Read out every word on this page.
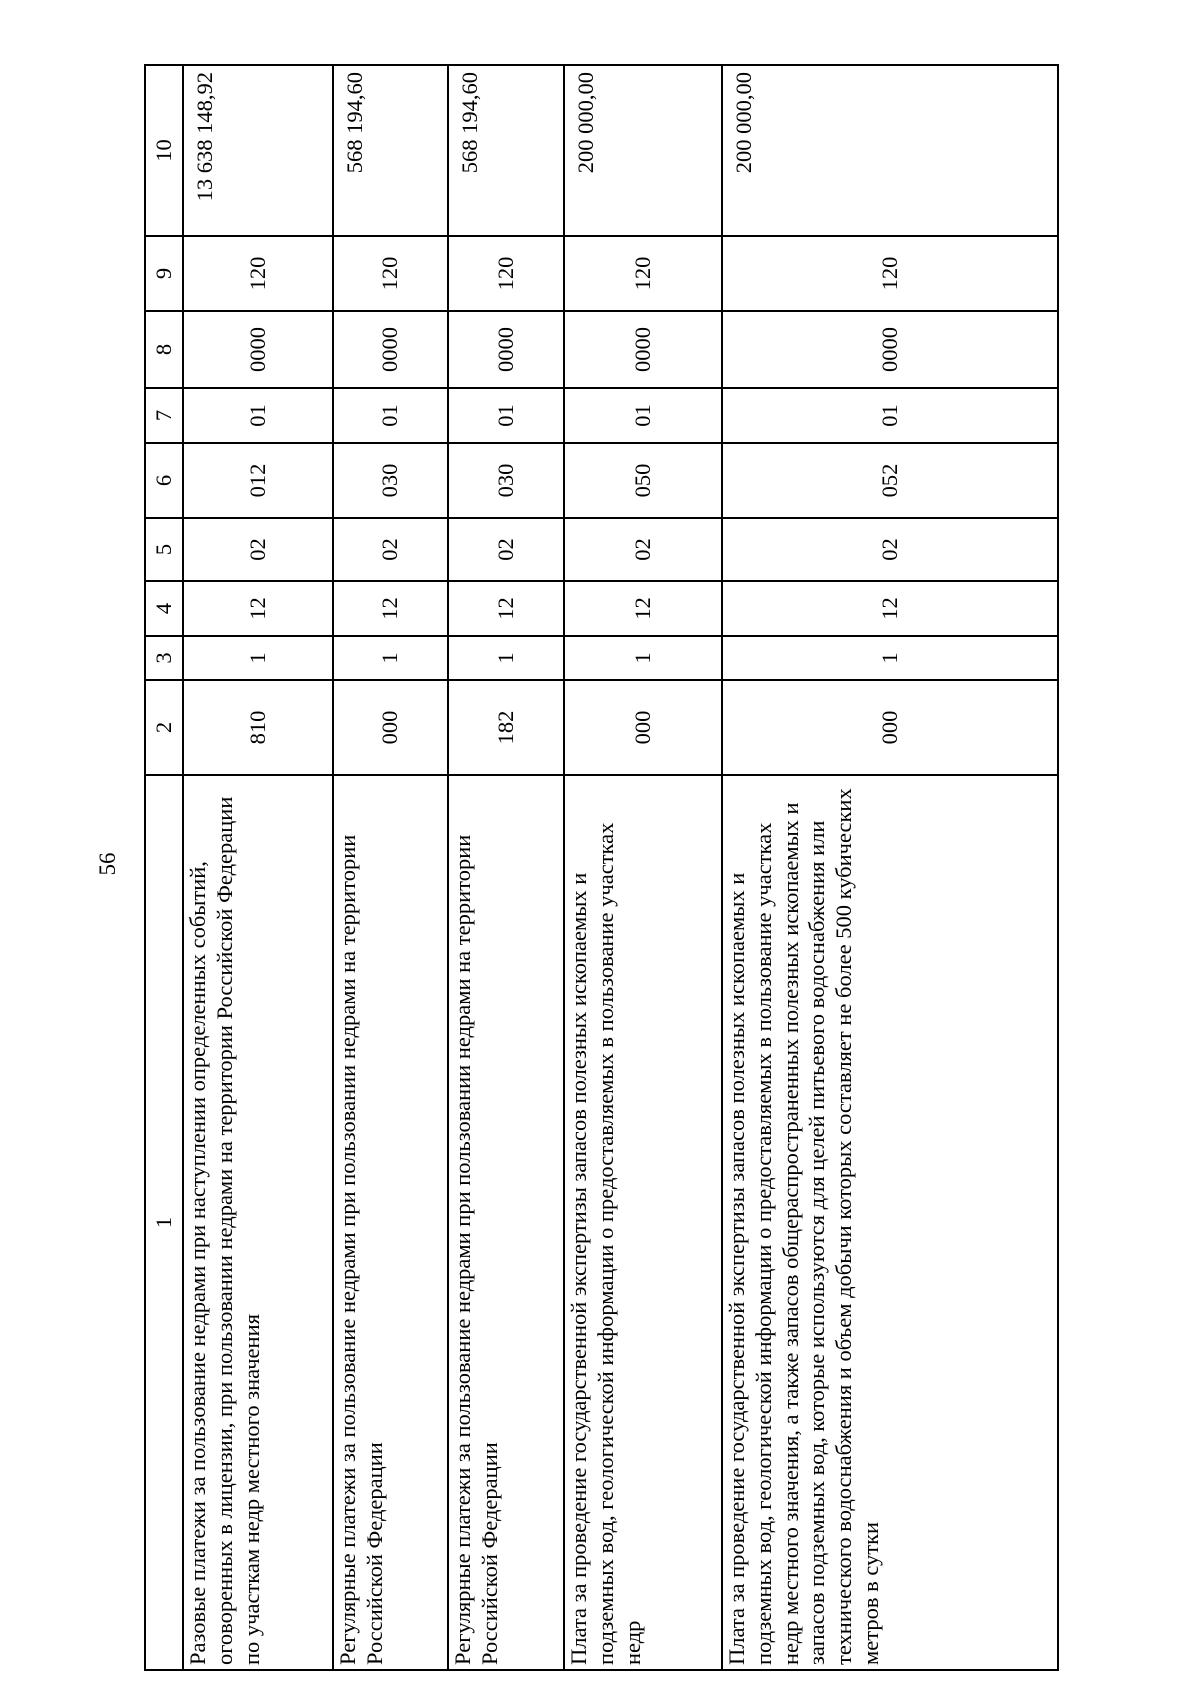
56
1	2	3	4	5	6	7	8	9	10
Разовые платежи за пользование недрами при наступлении определенных событий, оговоренных в лицензии, при пользовании недрами на территории Российской Федерации по участкам недр местного значения	810	1	12	02	012	01	0000	120	13 638 148,92
Регулярные платежи за пользование недрами при пользовании недрами на территории Российской Федерации	000	1	12	02	030	01	0000	120	568 194,60
Регулярные платежи за пользование недрами при пользовании недрами на территории Российской Федерации	182	1	12	02	030	01	0000	120	568 194,60
Плата за проведение государственной экспертизы запасов полезных ископаемых и подземных вод, геологической информации о предоставляемых в пользование участках недр	000	1	12	02	050	01	0000	120	200 000,00
Плата за проведение государственной экспертизы запасов полезных ископаемых и подземных вод, геологической информации о предоставляемых в пользование участках недр местного значения, а также запасов общераспространенных полезных ископаемых и запасов подземных вод, которые используются для целей питьевого водоснабжения или технического водоснабжения и объем добычи которых составляет не более 500 кубических метров в сутки	000	1	12	02	052	01	0000	120	200 000,00
